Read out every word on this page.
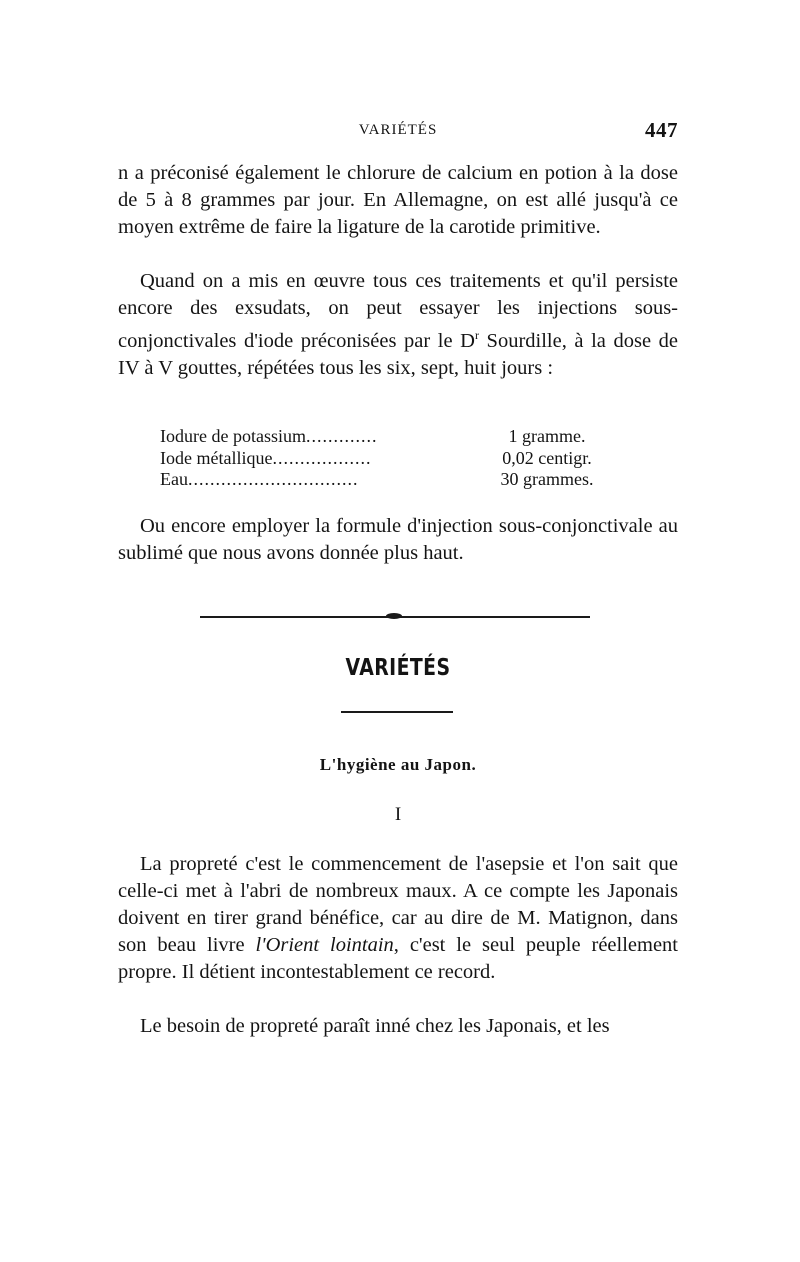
VARIÉTÉS	447

n a préconisé également le chlorure de calcium en potion à la dose de 5 à 8 grammes par jour. En Allemagne, on est allé jusqu'à ce moyen extrême de faire la ligature de la carotide primitive.

Quand on a mis en œuvre tous ces traitements et qu'il persiste encore des exsudats, on peut essayer les injections sous-conjonctivales d'iode préconisées par le $D^r$ Sourdille, à la dose de IV à V gouttes, répétées tous les six, sept, huit jours :

Iodure de potassium.............	1 gramme.
Iode métallique..................	0,02 centigr.
Eau...............................	30 grammes.

Ou encore employer la formule d'injection sous-conjonctivale au sublimé que nous avons donnée plus haut.

VARIÉTÉS
L'hygiène au Japon.
I

La propreté c'est le commencement de l'asepsie et l'on sait que celle-ci met à l'abri de nombreux maux. A ce compte les Japonais doivent en tirer grand bénéfice, car au dire de M. Matignon, dans son beau livre l'Orient lointain, c'est le seul peuple réellement propre. Il détient incontestablement ce record.

Le besoin de propreté paraît inné chez les Japonais, et les
